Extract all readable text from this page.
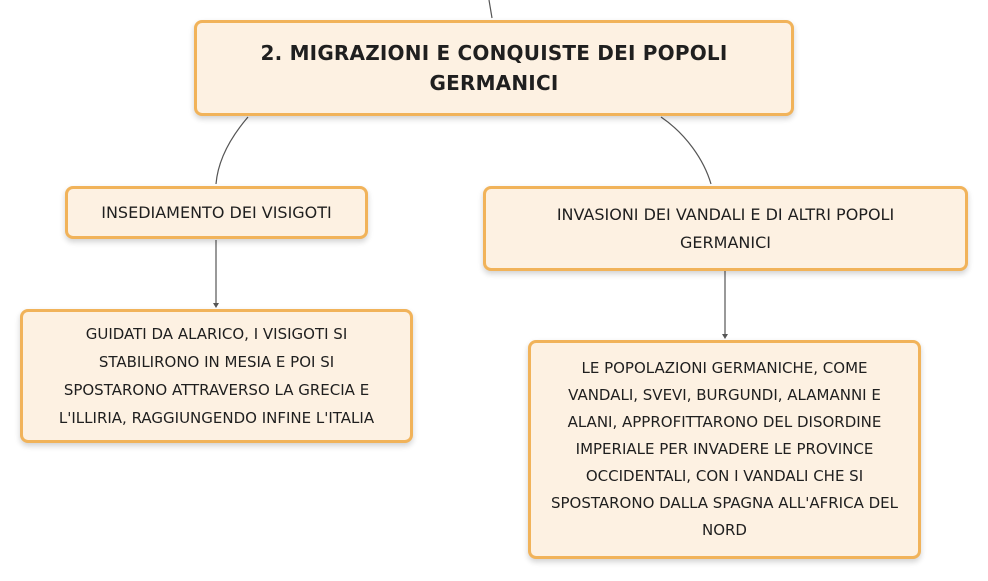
2. MIGRAZIONI E CONQUISTE DEI POPOLI
GERMANICI
INSEDIAMENTO DEI VISIGOTI	INVASIONI DEI VANDALI E DI ALTRI POPOLI
GERMANICI
GUIDATI DA ALARICO, I VISIGOTI SI
STABILIRONO IN MESIA E POI SI
SPOSTARONO ATTRAVERSO LA GRECIA E
L'ILLIRIA, RAGGIUNGENDO INFINE L'ITALIA
LE POPOLAZIONI GERMANICHE, COME
VANDALI, SVEVI, BURGUNDI, ALAMANNI E
ALANI, APPROFITTARONO DEL DISORDINE
IMPERIALE PER INVADERE LE PROVINCE
OCCIDENTALI, CON I VANDALI CHE SI
SPOSTARONO DALLA SPAGNA ALL'AFRICA DEL
NORD
